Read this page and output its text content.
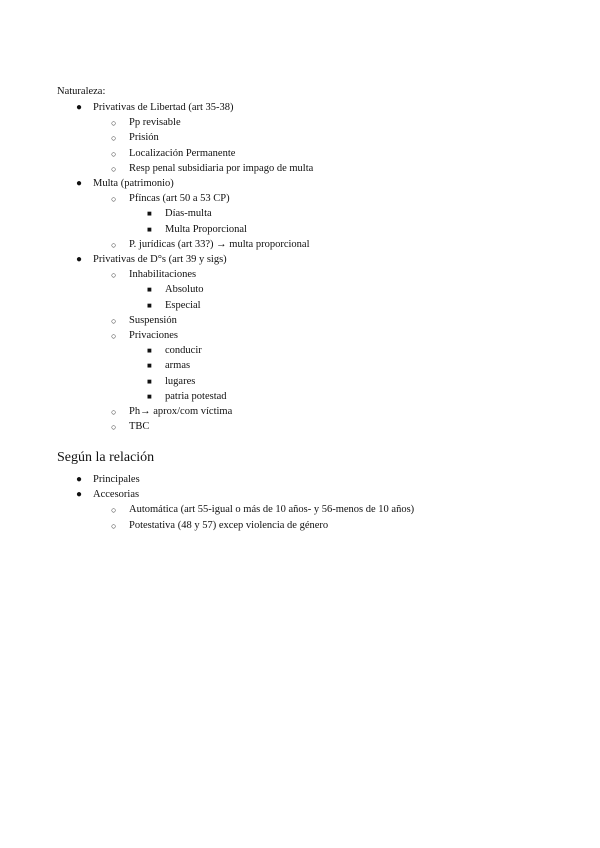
Naturaleza:
● Privativas de Libertad (art 35-38)
○ Pp revisable
○ Prisión
○ Localización Permanente
○ Resp penal subsidiaria por impago de multa
● Multa (patrimonio)
○ Pfíncas (art 50 a 53 CP)
■ Días-multa
■ Multa Proporcional
○ P. jurídicas (art 33?) → multa proporcional
● Privativas de D°s (art 39 y sigs)
○ Inhabilitaciones
■ Absoluto
■ Especial
○ Suspensión
○ Privaciones
■ conducir
■ armas
■ lugares
■ patria potestad
○ Ph→ aprox/com víctima
○ TBC
Según la relación
● Principales
● Accesorias
○ Automática (art 55-igual o más de 10 años- y 56-menos de 10 años)
○ Potestativa (48 y 57) excep violencia de género
